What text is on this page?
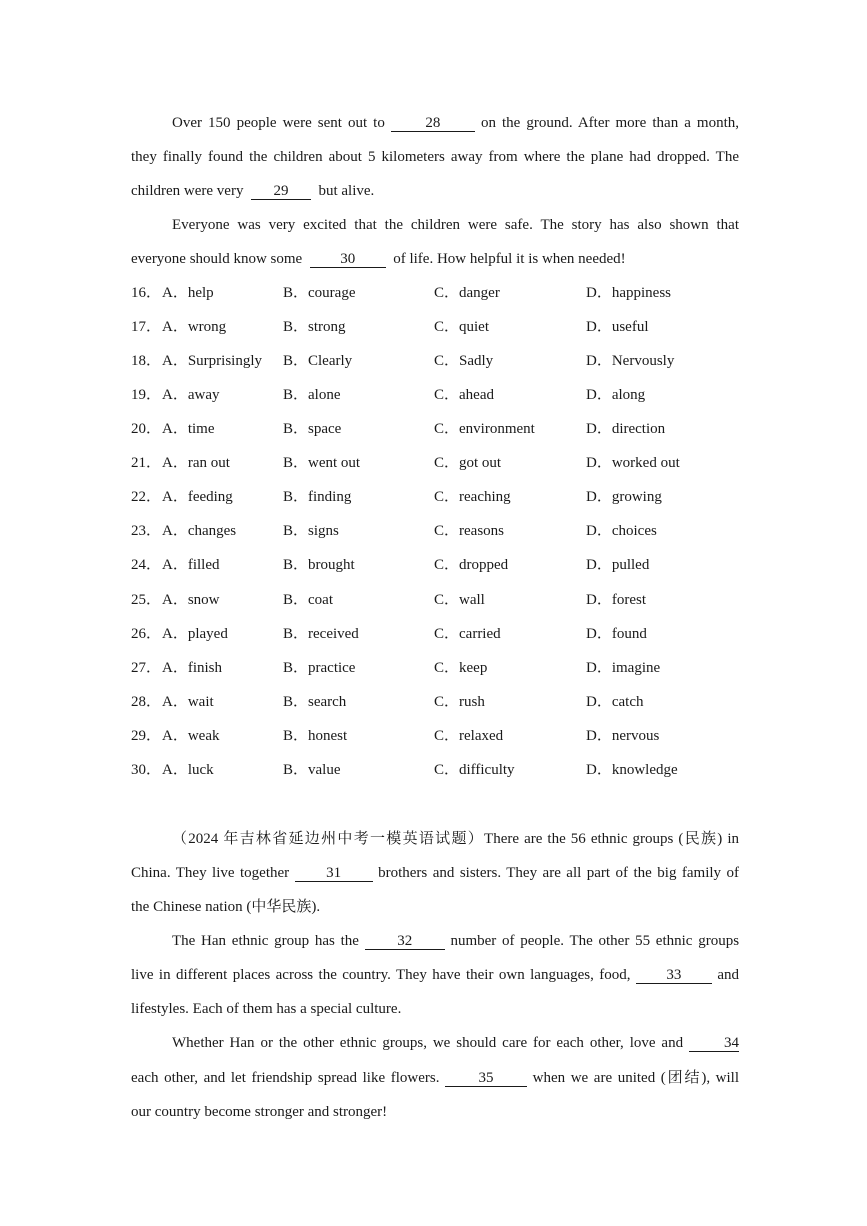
Over 150 people were sent out to	28	on the ground. After more than a month,
they finally found the children about 5 kilometers away from where the plane had dropped. The
children were very 29 but alive.
Everyone was very excited that the children were safe. The story has also shown that
everyone should know some	30	of life. How helpful it is when needed!
16． A．help	B．courage	C．danger	D．happiness
17． A．wrong	B．strong	C．quiet	D．useful
18． A．Surprisingly B．Clearly	C．Sadly	D．Nervously
19． A．away	B．alone	C．ahead	D．along
20． A．time	B．space	C．environment	D．direction
21． A．ran out	B．went out	C．got out	D．worked out
22． A．feeding	B．finding	C．reaching	D．growing
23． A．changes	B．signs	C．reasons	D．choices
24． A．filled	B．brought	C．dropped	D．pulled
25． A．snow	B．coat	C．wall	D．forest
26． A．played	B．received	C．carried	D．found
27． A．finish	B．practice	C．keep	D．imagine
28． A．wait	B．search	C．rush	D．catch
29． A．weak	B．honest	C．relaxed	D．nervous
30． A．luck	B．value	C．difficulty	D．knowledge
（2024 年吉林省延边州中考一模英语试题）There are the 56 ethnic groups (民族) in
China. They live together 31 brothers and sisters. They are all part of the big family of
the Chinese nation (中华民族).
The Han ethnic group has the	32	number of people. The other 55 ethnic groups
live in different places across the country. They have their own languages, food, 33 and
lifestyles. Each of them has a special culture.
Whether Han or the other ethnic groups, we should care for each other, love and	34
each other, and let friendship spread like flowers.	35	when we are united (团结), will
our country become stronger and stronger!
